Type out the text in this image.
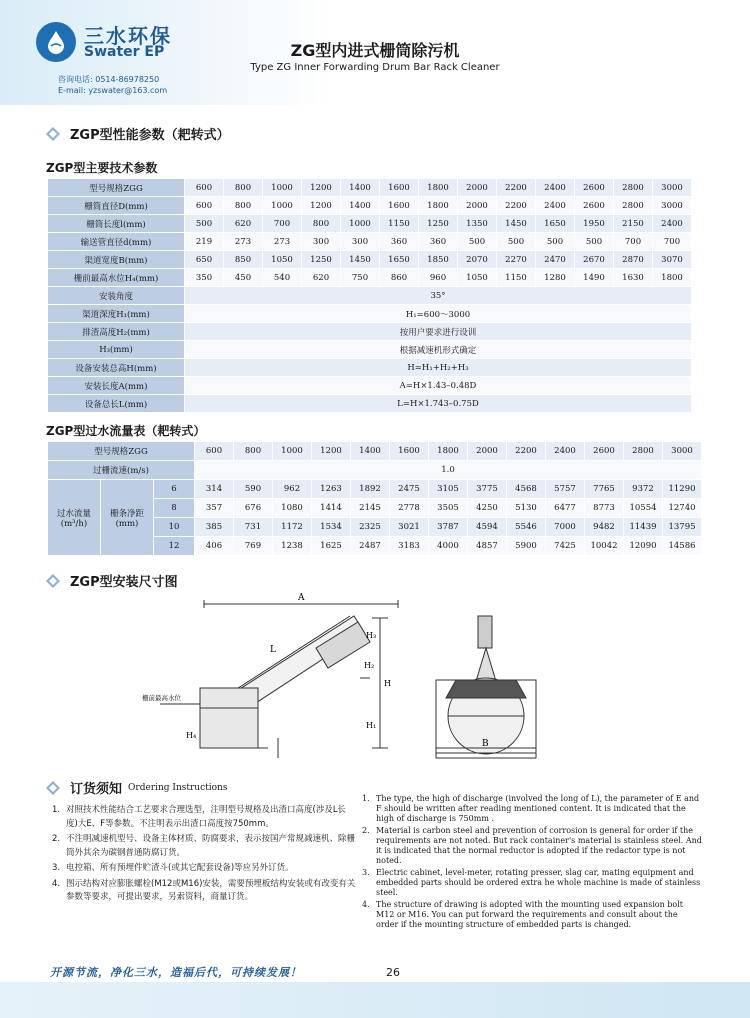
三水环保
Swater EP
咨询电话: 0514-86978250
E-mail: yzswater@163.com
ZG型内进式栅筒除污机
Type ZG Inner Forwarding Drum Bar Rack Cleaner
ZGP型性能参数（耙转式）
ZGP型主要技术参数
型号规格ZGG	600	800	1000	1200	1400	1600	1800	2000	2200	2400	2600	2800	3000
栅筒直径D(mm)	600	800	1000	1200	1400	1600	1800	2000	2200	2400	2600	2800	3000
栅筒长度l(mm)	500	620	700	800	1000	1150	1250	1350	1450	1650	1950	2150	2400
输送管直径d(mm)	219	273	273	300	300	360	360	500	500	500	500	700	700
渠道宽度B(mm)	650	850	1050	1250	1450	1650	1850	2070	2270	2470	2670	2870	3070
栅前最高水位H₄(mm)	350	450	540	620	750	860	960	1050	1150	1280	1490	1630	1800
安装角度	35°												
渠道深度H₁(mm)	H₁=600～3000												
排渣高度H₂(mm)	按用户要求进行设训												
H₃(mm)	根据减速机形式确定												
设备安装总高H(mm)	H=H₁+H₂+H₃												
安装长度A(mm)	A=H×1.43–0.48D												
设备总长L(mm)	L=H×1.743–0.75D												
ZGP型过水流量表（耙转式）
型号规格ZGG			600	800	1000	1200	1400	1600	1800	2000	2200	2400	2600	2800	3000
过栅流速(m/s)			1.0												
过水流量(m³/h)	栅条净距(mm)	6	314	590	962	1263	1892	2475	3105	3775	4568	5757	7765	9372	11290
		8	357	676	1080	1414	2145	2778	3505	4250	5130	6477	8773	10554	12740
		10	385	731	1172	1534	2325	3021	3787	4594	5546	7000	9482	11439	13795
		12	406	769	1238	1625	2487	3183	4000	4857	5900	7425	10042	12090	14586
ZGP型安装尺寸图
A
L
H
H₃
H₂
H₁
H₄
栅前最高水位
B
订货须知 Ordering Instructions
1. 对照技术性能结合工艺要求合理选型，注明型号规格及出渣口高度(涉及L长度)大E、F等参数。不注明表示出渣口高度按750mm。
2. 不注明减速机型号、设备主体材质、防腐要求，表示按国产常规减速机、除栅筒外其余为碳钢普通防腐订货。
3. 电控箱、所有预埋件贮渣斗(或其它配套设备)等应另外订货。
4. 图示结构对应膨胀螺栓(M12或M16)安装，需要预埋板结构安装或有改变有关参数等要求，可提出要求，另索资料，商量订货。
1. The type, the high of discharge (involved the long of L), the parameter of E and F should be written after reading mentioned content. It is indicated that the high of discharge is 750mm .
2. Material is carbon steel and prevention of corrosion is general for order if the requirements are not noted. But rack container's material is stainless steel. And it is indicated that the normal reductor is adopted if the redactor type is not noted.
3. Electric cabinet, level-meter, rotating presser, slag car, mating equipment and embedded parts should be ordered extra he whole machine is made of stainless steel.
4. The structure of drawing is adopted with the mounting used expansion bolt M12 or M16. You can put forward the requirements and consult about the order if the mounting structure of embedded parts is changed.
开源节流，净化三水，造福后代，可持续发展！	26
